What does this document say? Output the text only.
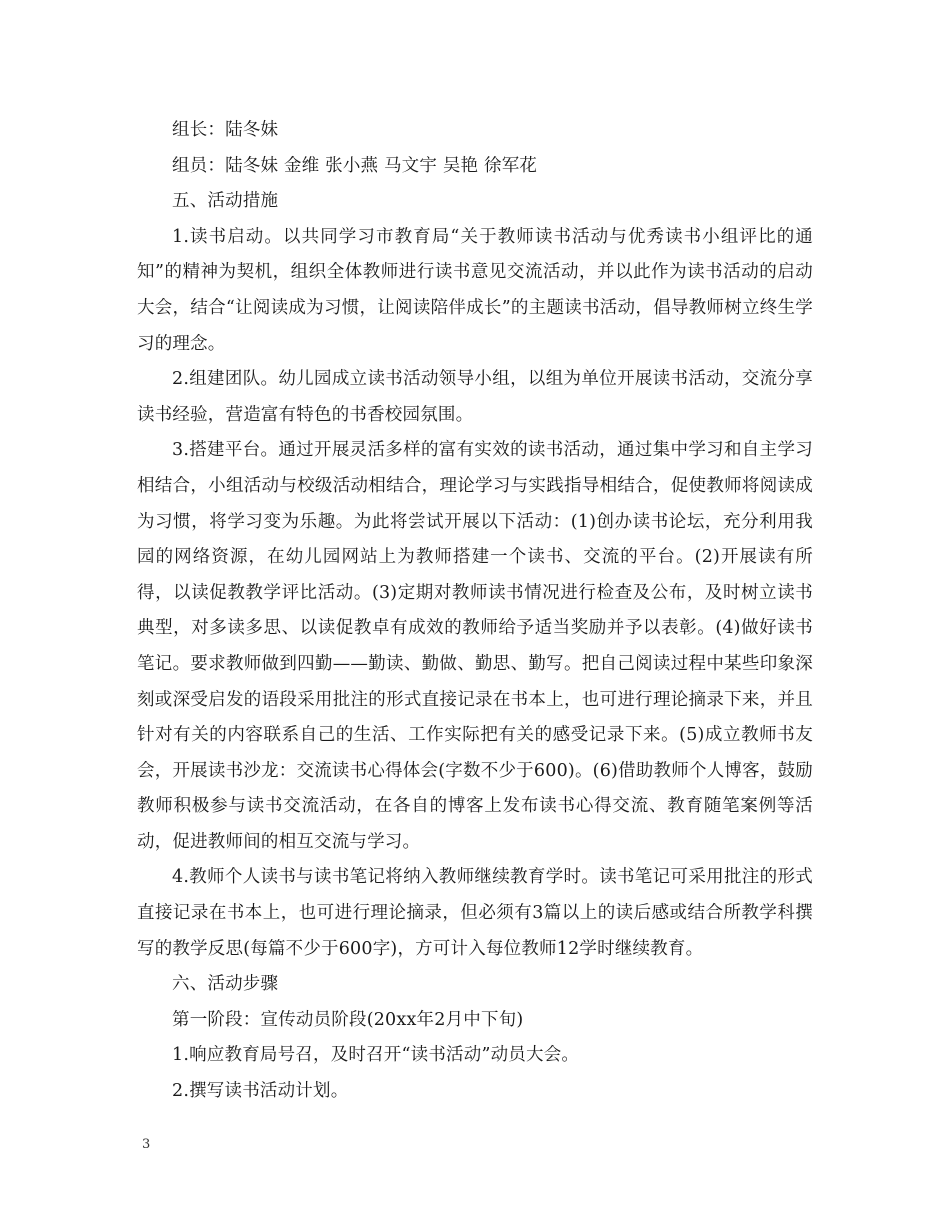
组长：陆冬妹

组员：陆冬妹 金维 张小燕 马文宇 吴艳 徐军花

五、活动措施

1.读书启动。以共同学习市教育局“关于教师读书活动与优秀读书小组评比的通知”的精神为契机，组织全体教师进行读书意见交流活动，并以此作为读书活动的启动大会，结合“让阅读成为习惯，让阅读陪伴成长”的主题读书活动，倡导教师树立终生学习的理念。

2.组建团队。幼儿园成立读书活动领导小组，以组为单位开展读书活动，交流分享读书经验，营造富有特色的书香校园氛围。

3.搭建平台。通过开展灵活多样的富有实效的读书活动，通过集中学习和自主学习相结合，小组活动与校级活动相结合，理论学习与实践指导相结合，促使教师将阅读成为习惯，将学习变为乐趣。为此将尝试开展以下活动：(1)创办读书论坛，充分利用我园的网络资源，在幼儿园网站上为教师搭建一个读书、交流的平台。(2)开展读有所得，以读促教教学评比活动。(3)定期对教师读书情况进行检查及公布，及时树立读书典型，对多读多思、以读促教卓有成效的教师给予适当奖励并予以表彰。(4)做好读书笔记。要求教师做到四勤——勤读、勤做、勤思、勤写。把自己阅读过程中某些印象深刻或深受启发的语段采用批注的形式直接记录在书本上，也可进行理论摘录下来，并且针对有关的内容联系自己的生活、工作实际把有关的感受记录下来。(5)成立教师书友会，开展读书沙龙：交流读书心得体会(字数不少于600)。(6)借助教师个人博客，鼓励教师积极参与读书交流活动，在各自的博客上发布读书心得交流、教育随笔案例等活动，促进教师间的相互交流与学习。

4.教师个人读书与读书笔记将纳入教师继续教育学时。读书笔记可采用批注的形式直接记录在书本上，也可进行理论摘录，但必须有3篇以上的读后感或结合所教学科撰写的教学反思(每篇不少于600字)，方可计入每位教师12学时继续教育。

六、活动步骤

第一阶段：宣传动员阶段(20xx年2月中下旬)

1.响应教育局号召，及时召开“读书活动”动员大会。

2.撰写读书活动计划。

3
